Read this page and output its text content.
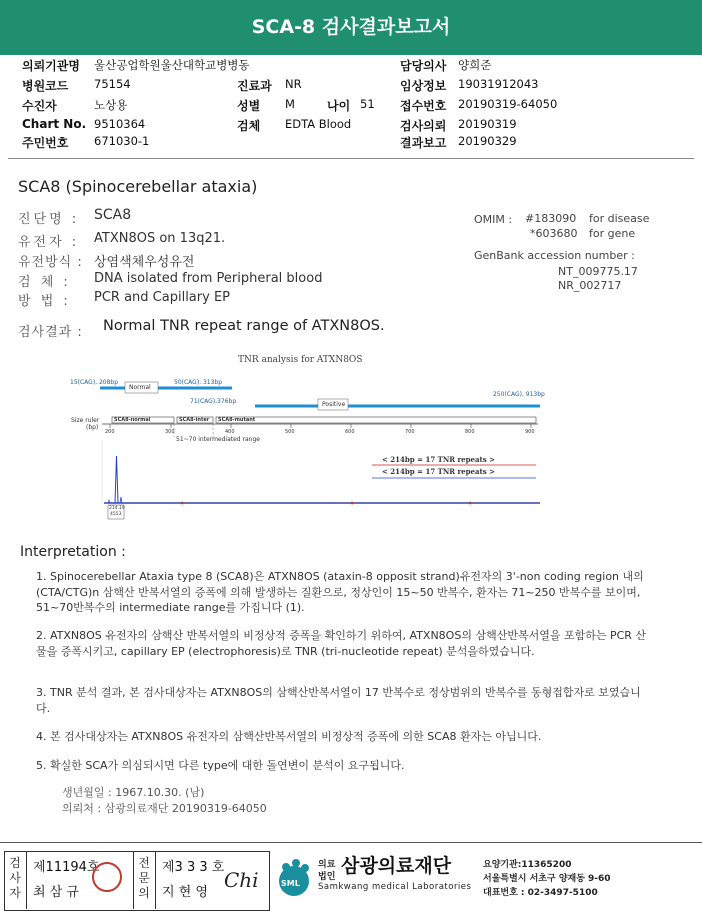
SCA-8 검사결과보고서
의뢰기관명 울산공업학원울산대학교병병동	담당의사 양희준
병원코드 75154	진료과 NR	임상정보 19031912043
수진자	노상용	성별 M	나이 51 접수번호 20190319-64050
Chart No. 9510364	검체 EDTA Blood	검사의뢰 20190319
주민번호 671030-1	결과보고 20190329
SCA8 (Spinocerebellar ataxia)
진단명 : SCA8
유전자 : ATXN8OS on 13q21.
유전방식 : 상염색체우성유전
검 체 : DNA isolated from Peripheral blood
방 법 : PCR and Capillary EP
OMIM : #183090 for disease
*603680 for gene
GenBank accession number :
NT_009775.17
NR_002717
검사결과 : Normal TNR repeat range of ATXN8OS.
TNR analysis for ATXN8OS
15(CAG), 208bp
Normal
50(CAG), 313bp
71(CAG),376bp	Positive
250(CAG), 913bp
Size ruler
(bp)
SCA8-normal	SCA8-inter SCA8-mutant
200	300	400	500	600	700	800	900
51~70 intermediated range
< 214bp = 17 TNR repeats >
< 214bp = 17 TNR repeats >
214.19
4553
Interpretation :
1. Spinocerebellar Ataxia type 8 (SCA8)은 ATXN8OS (ataxin-8 opposit strand)유전자의 3'-non coding region 내의 (CTA/CTG)n 삼핵산 반복서열의 증폭에 의해 발생하는 질환으로, 정상인이 15~50 반복수, 환자는 71~250 반복수를 보이며, 51~70반복수의 intermediate range를 가집니다 (1).
2. ATXN8OS 유전자의 삼핵산 반복서열의 비정상적 증폭을 확인하기 위하여, ATXN8OS의 삼핵산반복서열을 포함하는 PCR 산물을 증폭시키고, capillary EP (electrophoresis)로 TNR (tri-nucleotide repeat) 분석을하였습니다.
3. TNR 분석 결과, 본 검사대상자는 ATXN8OS의 삼핵산반복서열이 17 반복수로 정상범위의 반복수를 동형접합자로 보였습니다.
4. 본 검사대상자는 ATXN8OS 유전자의 삼핵산반복서열의 비정상적 증폭에 의한 SCA8 환자는 아닙니다.
5. 확실한 SCA가 의심되시면 다른 type에 대한 돌연변이 분석이 요구됩니다.
생년월일 : 1967.10.30. (남)
의뢰처 : 삼광의료재단 20190319-64050
검사자
제11194호
최 삼 규
전문의
제3 3 3 호
지 현 영
Chi	SML
의료
법인 삼광의료재단
Samkwang medical Laboratories
요양기관:11365200
서울특별시 서초구 양재동 9-60
대표번호 : 02-3497-5100
